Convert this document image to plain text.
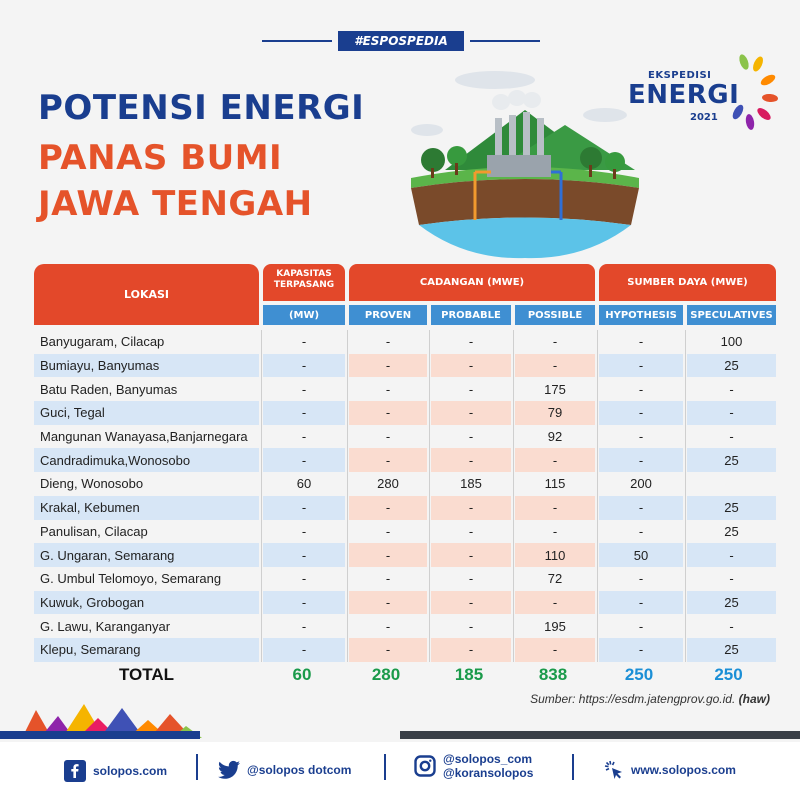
#ESPOSPEDIA
POTENSI ENERGI
PANAS BUMI
JAWA TENGAH
EKSPEDISI
ENERGI
2021
LOKASI
KAPASITAS TERPASANG	CADANGAN (MWE)	SUMBER DAYA (MWE)
(MW)	PROVEN	PROBABLE	POSSIBLE	HYPOTHESIS	SPECULATIVES
Banyugaram, Cilacap	-	-	-	-	-	100
Bumiayu, Banyumas	-	-	-	-	-	25
Batu Raden, Banyumas	-	-	-	175	-	-
Guci, Tegal	-	-	-	79	-	-
Mangunan Wanayasa,Banjarnegara	-	-	-	92	-	-
Candradimuka,Wonosobo	-	-	-	-	-	25
Dieng, Wonosobo	60	280	185	115	200
Krakal, Kebumen	-	-	-	-	-	25
Panulisan, Cilacap	-	-	-	-	-	25
G. Ungaran, Semarang	-	-	-	110	50	-
G. Umbul Telomoyo, Semarang	-	-	-	72	-	-
Kuwuk, Grobogan	-	-	-	-	-	25
G. Lawu, Karanganyar	-	-	-	195	-	-
Klepu, Semarang	-	-	-	-	-	25
TOTAL	60	280	185	838	250	250
Sumber: https://esdm.jatengprov.go.id. (haw)
solopos.com	@solopos dotcom
@solopos_com
@koransolopos	www.solopos.com
